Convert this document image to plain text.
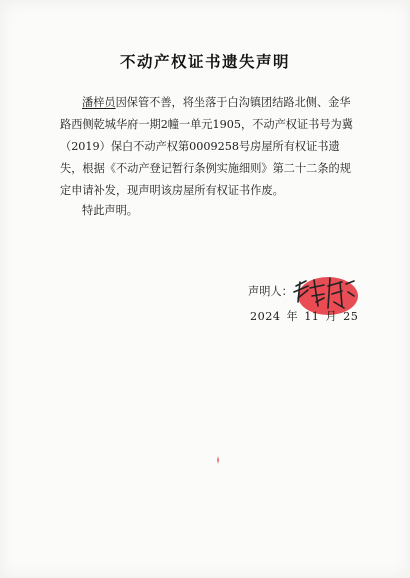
不动产权证书遗失声明

潘梓员因保管不善，将坐落于白沟镇团结路北侧、金华路西侧乾城华府一期2幢一单元1905，不动产权证书号为冀（2019）保白不动产权第0009258号房屋所有权证书遗失，根据《不动产登记暂行条例实施细则》第二十二条的规定申请补发，现声明该房屋所有权证书作废。

特此声明。
声明人：
2024 年 11 月 25
